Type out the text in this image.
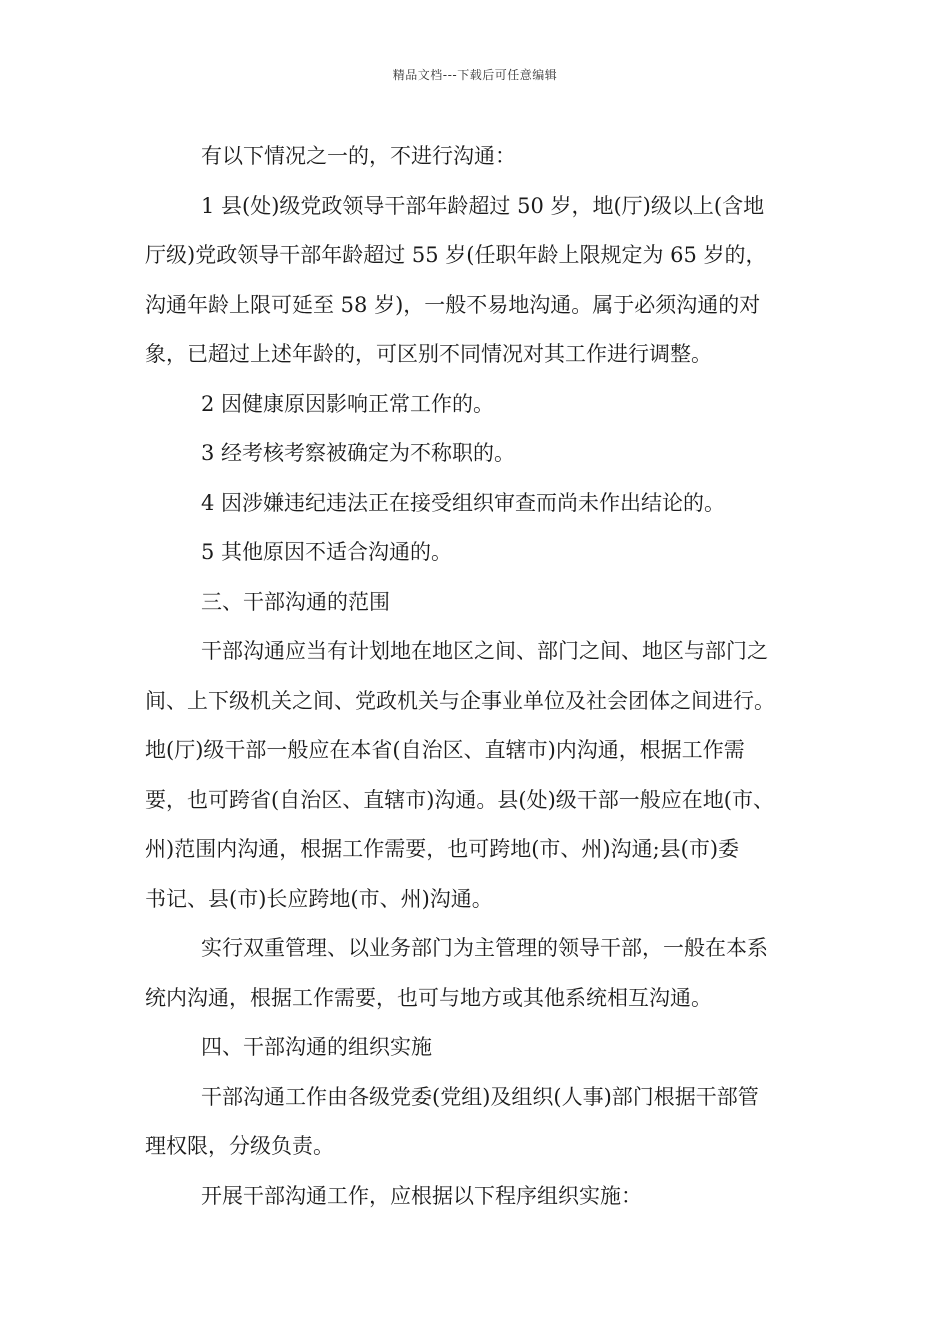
精品文档---下载后可任意编辑

有以下情况之一的，不进行沟通：

1 县(处)级党政领导干部年龄超过 50 岁，地(厅)级以上(含地
厅级)党政领导干部年龄超过 55 岁(任职年龄上限规定为 65 岁的，
沟通年龄上限可延至 58 岁)，一般不易地沟通。属于必须沟通的对
象，已超过上述年龄的，可区别不同情况对其工作进行调整。

2 因健康原因影响正常工作的。

3 经考核考察被确定为不称职的。

4 因涉嫌违纪违法正在接受组织审查而尚未作出结论的。

5 其他原因不适合沟通的。

三、干部沟通的范围

干部沟通应当有计划地在地区之间、部门之间、地区与部门之
间、上下级机关之间、党政机关与企事业单位及社会团体之间进行。
地(厅)级干部一般应在本省(自治区、直辖市)内沟通，根据工作需
要，也可跨省(自治区、直辖市)沟通。县(处)级干部一般应在地(市、
州)范围内沟通，根据工作需要，也可跨地(市、州)沟通;县(市)委
书记、县(市)长应跨地(市、州)沟通。

实行双重管理、以业务部门为主管理的领导干部，一般在本系
统内沟通，根据工作需要，也可与地方或其他系统相互沟通。

四、干部沟通的组织实施

干部沟通工作由各级党委(党组)及组织(人事)部门根据干部管
理权限，分级负责。

开展干部沟通工作，应根据以下程序组织实施：
